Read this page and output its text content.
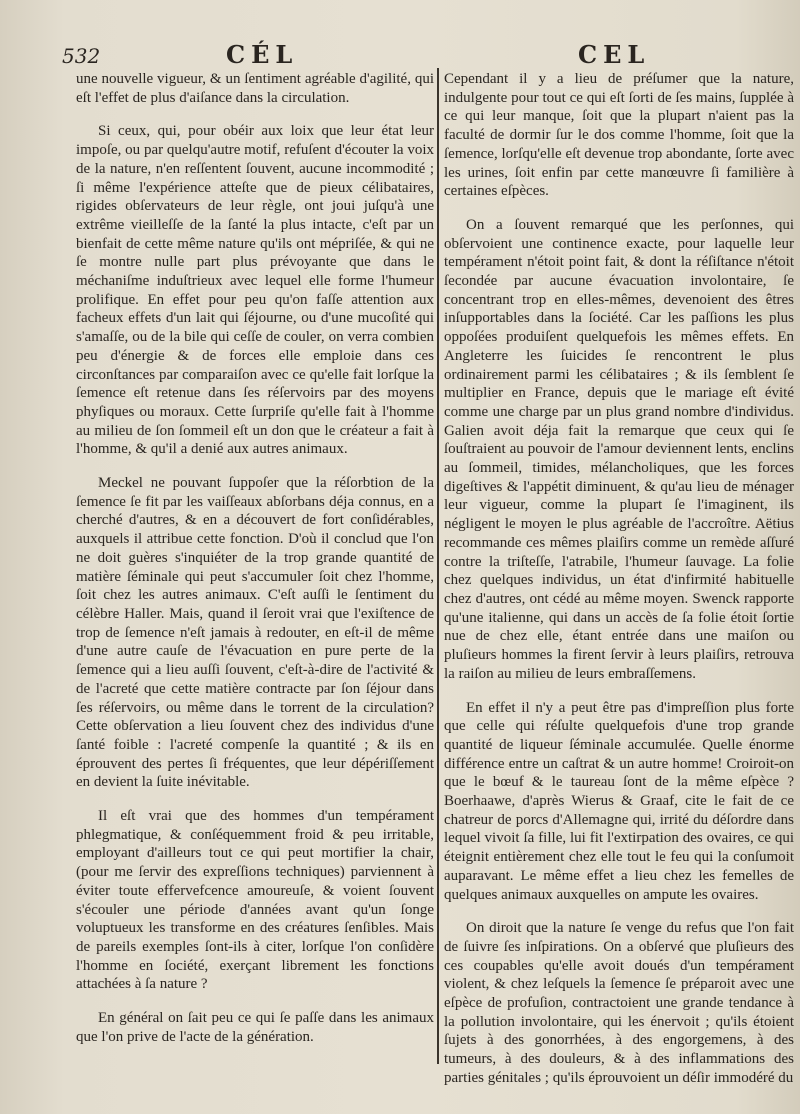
532	CÉL	CEL

une nouvelle vigueur, & un ſentiment agréable d'agilité, qui eſt l'effet de plus d'aiſance dans la circulation.

Si ceux, qui, pour obéir aux loix que leur état leur impoſe, ou par quelqu'autre motif, refuſent d'écouter la voix de la nature, n'en reſſentent ſouvent, aucune incommodité ; ſi même l'expérience atteſte que de pieux célibataires, rigides obſervateurs de leur règle, ont joui juſqu'à une extrême vieilleſſe de la ſanté la plus intacte, c'eſt par un bienfait de cette même nature qu'ils ont mépriſée, & qui ne ſe montre nulle part plus prévoyante que dans le méchaniſme induſtrieux avec lequel elle forme l'humeur prolifique. En effet pour peu qu'on faſſe attention aux facheux effets d'un lait qui ſéjourne, ou d'une mucoſité qui s'amaſſe, ou de la bile qui ceſſe de couler, on verra combien peu d'énergie & de forces elle emploie dans ces circonſtances par comparaiſon avec ce qu'elle fait lorſque la ſemence eſt retenue dans ſes réſervoirs par des moyens phyſiques ou moraux. Cette ſurpriſe qu'elle fait à l'homme au milieu de ſon ſommeil eſt un don que le créateur a fait à l'homme, & qu'il a denié aux autres animaux.

Meckel ne pouvant ſuppoſer que la réſorbtion de la ſemence ſe fit par les vaiſſeaux abſorbans déja connus, en a cherché d'autres, & en a découvert de fort conſidérables, auxquels il attribue cette fonction. D'où il conclud que l'on ne doit guères s'inquiéter de la trop grande quantité de matière ſéminale qui peut s'accumuler ſoit chez l'homme, ſoit chez les autres animaux. C'eſt auſſi le ſentiment du célèbre Haller. Mais, quand il ſeroit vrai que l'exiſtence de trop de ſemence n'eſt jamais à redouter, en eſt-il de même d'une autre cauſe de l'évacuation en pure perte de la ſemence qui a lieu auſſi ſouvent, c'eſt-à-dire de l'activité & de l'acreté que cette matière contracte par ſon ſéjour dans ſes réſervoirs, ou même dans le torrent de la circulation? Cette obſervation a lieu ſouvent chez des individus d'une ſanté foible : l'acreté compenſe la quantité ; & ils en éprouvent des pertes ſi fréquentes, que leur dépériſſement en devient la ſuite inévitable.

Il eſt vrai que des hommes d'un tempérament phlegmatique, & conſéquemment froid & peu irritable, employant d'ailleurs tout ce qui peut mortifier la chair, (pour me ſervir des expreſſions techniques) parviennent à éviter toute effervefcence amoureuſe, & voient ſouvent s'écouler une période d'années avant qu'un ſonge voluptueux les transforme en des créatures ſenſibles. Mais de pareils exemples ſont-ils à citer, lorſque l'on conſidère l'homme en ſociété, exerçant librement les fonctions attachées à ſa nature ?

En général on ſait peu ce qui ſe paſſe dans les animaux que l'on prive de l'acte de la génération.

Cependant il y a lieu de préſumer que la nature, indulgente pour tout ce qui eſt ſorti de ſes mains, ſupplée à ce qui leur manque, ſoit que la plupart n'aient pas la faculté de dormir ſur le dos comme l'homme, ſoit que la ſemence, lorſqu'elle eſt devenue trop abondante, ſorte avec les urines, ſoit enfin par cette manœuvre ſi familière à certaines eſpèces.

On a ſouvent remarqué que les perſonnes, qui obſervoient une continence exacte, pour laquelle leur tempérament n'étoit point fait, & dont la réſiſtance n'étoit ſecondée par aucune évacuation involontaire, ſe concentrant trop en elles-mêmes, devenoient des êtres inſupportables dans la ſociété. Car les paſſions les plus oppoſées produiſent quelquefois les mêmes effets. En Angleterre les ſuicides ſe rencontrent le plus ordinairement parmi les célibataires ; & ils ſemblent ſe multiplier en France, depuis que le mariage eſt évité comme une charge par un plus grand nombre d'individus. Galien avoit déja fait la remarque que ceux qui ſe ſouſtraient au pouvoir de l'amour deviennent lents, enclins au ſommeil, timides, mélancholiques, que les forces digeſtives & l'appétit diminuent, & qu'au lieu de ménager leur vigueur, comme la plupart ſe l'imaginent, ils négligent le moyen le plus agréable de l'accroître. Aëtius recommande ces mêmes plaiſirs comme un remède aſſuré contre la triſteſſe, l'atrabile, l'humeur ſauvage. La folie chez quelques individus, un état d'infirmité habituelle chez d'autres, ont cédé au même moyen. Swenck rapporte qu'une italienne, qui dans un accès de ſa folie étoit ſortie nue de chez elle, étant entrée dans une maiſon ou pluſieurs hommes la firent ſervir à leurs plaiſirs, retrouva la raiſon au milieu de leurs embraſſemens.

En effet il n'y a peut être pas d'impreſſion plus forte que celle qui réſulte quelquefois d'une trop grande quantité de liqueur ſéminale accumulée. Quelle énorme différence entre un caſtrat & un autre homme! Croiroit-on que le bœuf & le taureau ſont de la même eſpèce ? Boerhaawe, d'après Wierus & Graaf, cite le fait de ce chatreur de porcs d'Allemagne qui, irrité du déſordre dans lequel vivoit ſa fille, lui fit l'extirpation des ovaires, ce qui éteignit entièrement chez elle tout le feu qui la conſumoit auparavant. Le même effet a lieu chez les femelles de quelques animaux auxquelles on ampute les ovaires.

On diroit que la nature ſe venge du refus que l'on fait de ſuivre ſes inſpirations. On a obſervé que pluſieurs des ces coupables qu'elle avoit doués d'un tempérament violent, & chez leſquels la ſemence ſe préparoit avec une eſpèce de profuſion, contractoient une grande tendance à la pollution involontaire, qui les énervoit ; qu'ils étoient ſujets à des gonorrhées, à des engorgemens, à des tumeurs, à des douleurs, & à des inflammations des parties génitales ; qu'ils éprouvoient un déſir immodéré du
